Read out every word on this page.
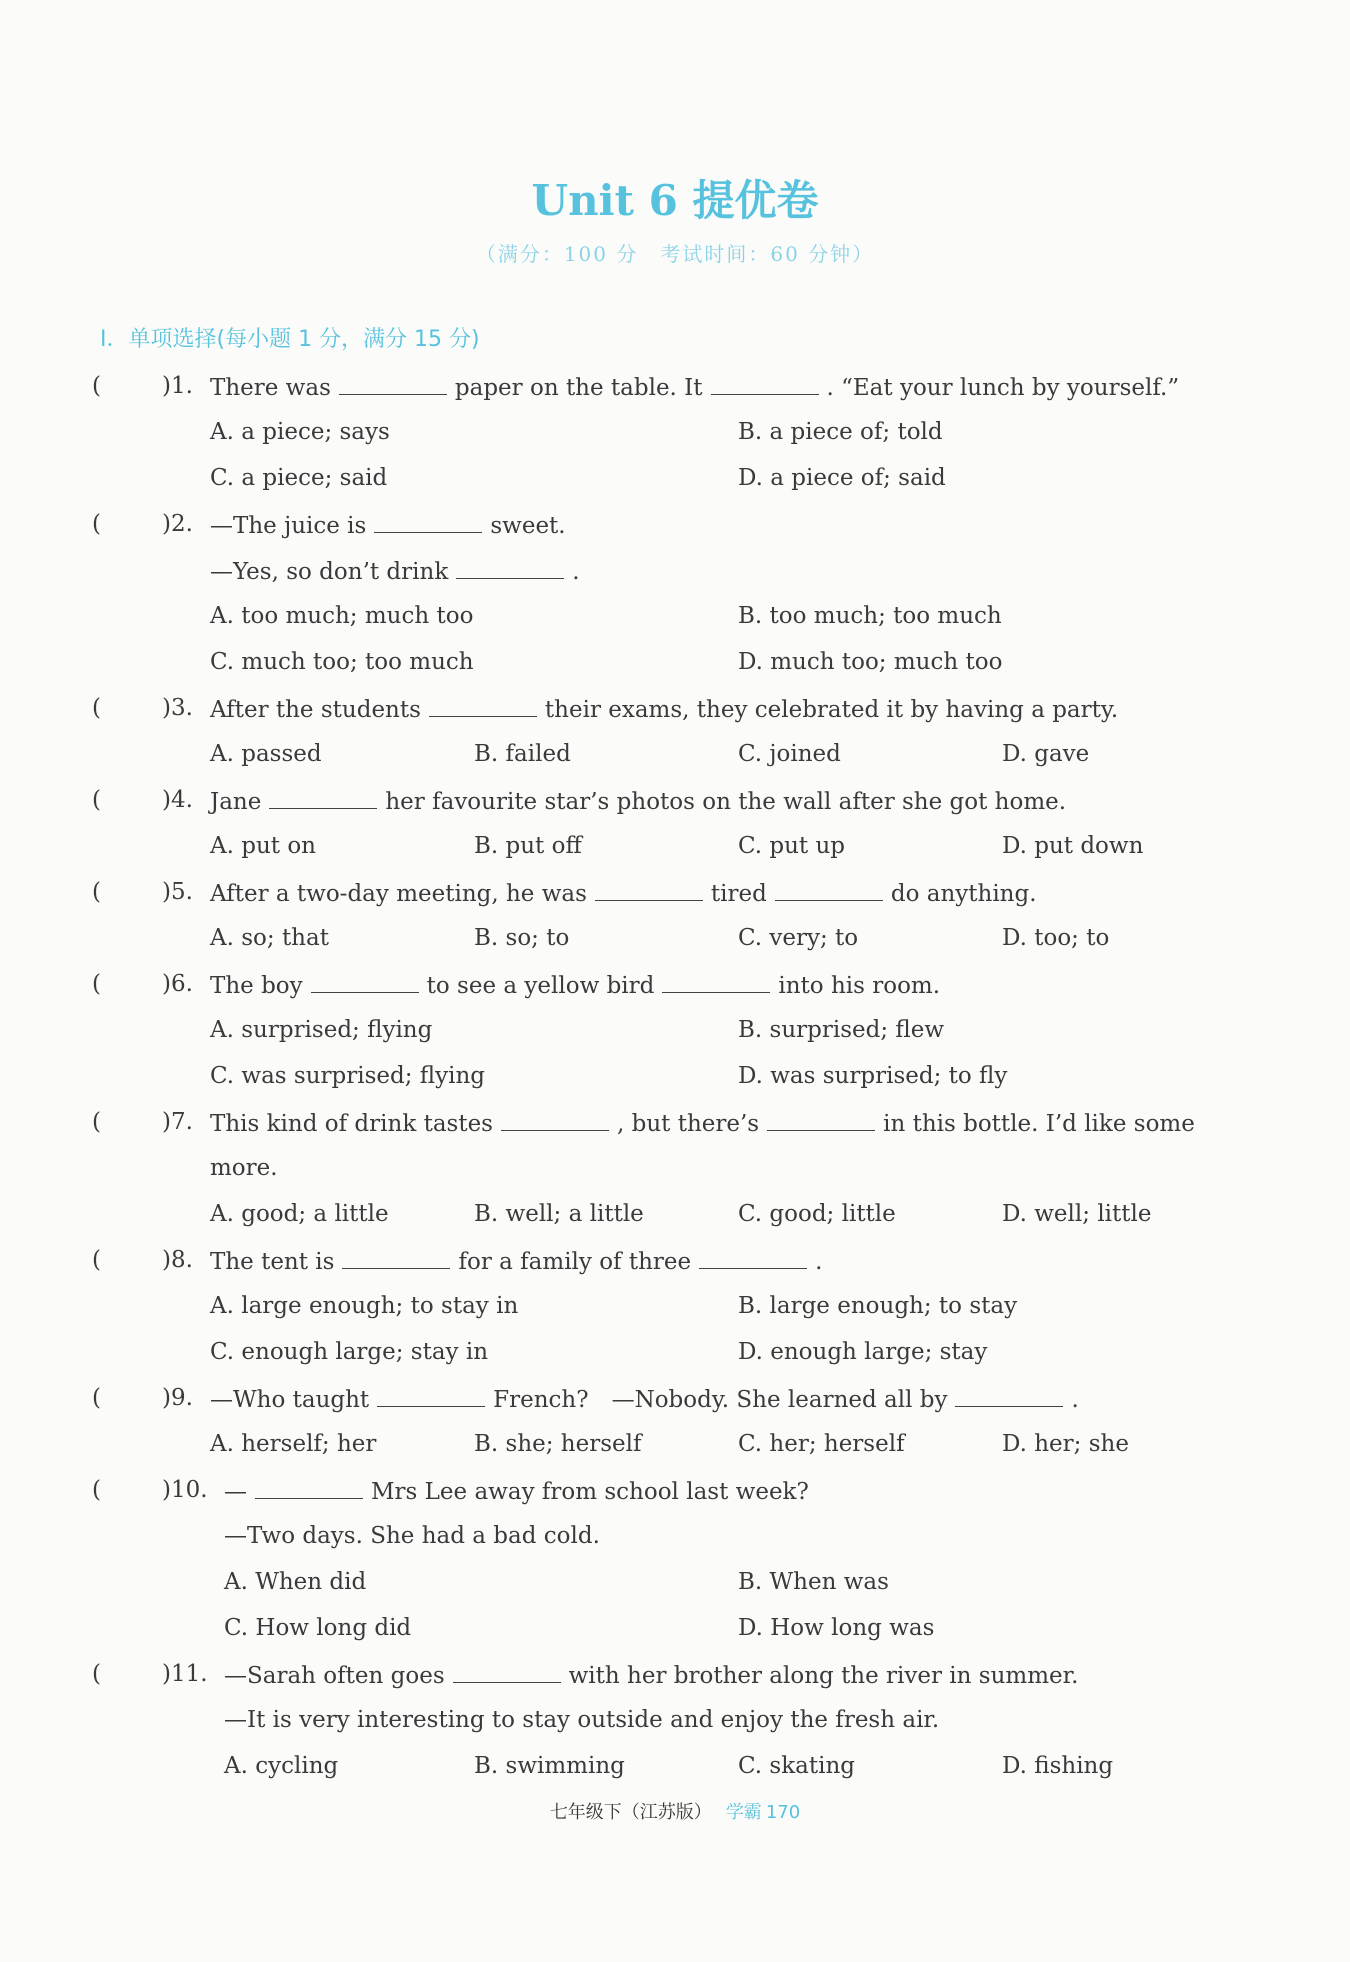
Unit 6 提优卷
（满分：100 分　考试时间：60 分钟）
Ⅰ．单项选择(每小题 1 分，满分 15 分)
(	)1. There was	paper on the table. It	. “Eat your lunch by yourself.”
A. a piece; says	B. a piece of; told
C. a piece; said	D. a piece of; said
(	)2. —The juice is	sweet.
—Yes, so don’t drink	.
A. too much; much too	B. too much; too much
C. much too; too much	D. much too; much too
(	)3. After the students	their exams, they celebrated it by having a party.
A. passed	B. failed	C. joined	D. gave
(	)4. Jane	her favourite star’s photos on the wall after she got home.
A. put on	B. put off	C. put up	D. put down
(	)5. After a two-day meeting, he was	tired	do anything.
A. so; that	B. so; to	C. very; to	D. too; to
(	)6. The boy	to see a yellow bird	into his room.
A. surprised; flying	B. surprised; flew
C. was surprised; flying	D. was surprised; to fly
(	)7. This kind of drink tastes	, but there’s	in this bottle. I’d like some
more.
A. good; a little	B. well; a little	C. good; little	D. well; little
(	)8. The tent is	for a family of three	.
A. large enough; to stay in	B. large enough; to stay
C. enough large; stay in	D. enough large; stay
(	)9. —Who taught	French?　—Nobody. She learned all by	.
A. herself; her	B. she; herself	C. her; herself	D. her; she
(	)10. —	Mrs Lee away from school last week?
—Two days. She had a bad cold.
A. When did	B. When was
C. How long did	D. How long was
(	)11. —Sarah often goes	with her brother along the river in summer.
—It is very interesting to stay outside and enjoy the fresh air.
A. cycling	B. swimming	C. skating	D. fishing
七年级下（江苏版） 学霸 170
